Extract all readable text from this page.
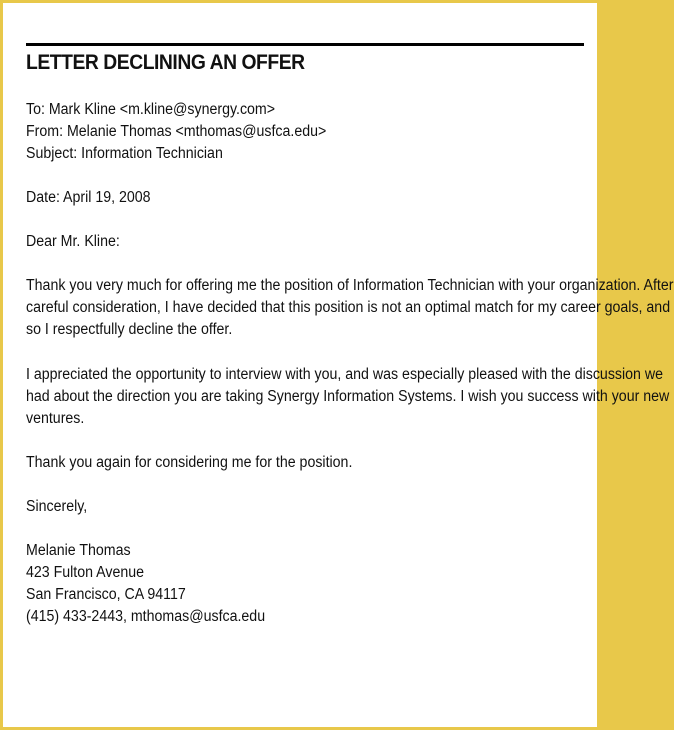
LETTER DECLINING AN OFFER
To: Mark Kline <m.kline@synergy.com>
From: Melanie Thomas <mthomas@usfca.edu>
Subject: Information Technician
Date: April 19, 2008
Dear Mr. Kline:
Thank you very much for offering me the position of Information Technician with your organization. After
careful consideration, I have decided that this position is not an optimal match for my career goals, and
so I respectfully decline the offer.
I appreciated the opportunity to interview with you, and was especially pleased with the discussion we
had about the direction you are taking Synergy Information Systems. I wish you success with your new
ventures.
Thank you again for considering me for the position.
Sincerely,
Melanie Thomas
423 Fulton Avenue
San Francisco, CA 94117
(415) 433-2443, mthomas@usfca.edu
